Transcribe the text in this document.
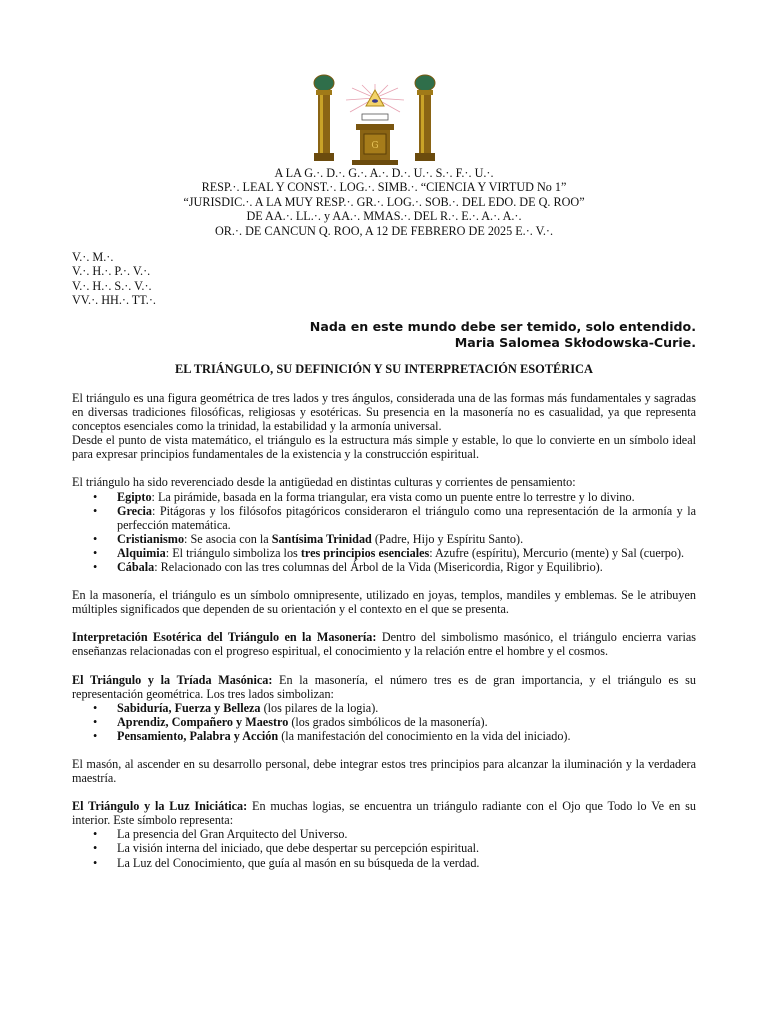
G
A LA G.·. D.·. G.·. A.·. D.·. U.·. S.·. F.·. U.·.
RESP.·. LEAL Y CONST.·. LOG.·. SIMB.·. “CIENCIA Y VIRTUD No 1”
“JURISDIC.·. A LA MUY RESP.·. GR.·. LOG.·. SOB.·. DEL EDO. DE Q. ROO”
DE AA.·. LL.·. y AA.·. MMAS.·. DEL R.·. E.·. A.·. A.·.
OR.·. DE CANCUN Q. ROO, A 12 DE FEBRERO DE 2025 E.·. V.·.
V.·. M.·.
V.·. H.·. P.·. V.·.
V.·. H.·. S.·. V.·.
VV.·. HH.·. TT.·.
Nada en este mundo debe ser temido, solo entendido.
Maria Salomea Skłodowska-Curie.
EL TRIÁNGULO, SU DEFINICIÓN Y SU INTERPRETACIÓN ESOTÉRICA

El triángulo es una figura geométrica de tres lados y tres ángulos, considerada una de las formas más fundamentales y sagradas en diversas tradiciones filosóficas, religiosas y esotéricas. Su presencia en la masonería no es casualidad, ya que representa conceptos esenciales como la trinidad, la estabilidad y la armonía universal.

Desde el punto de vista matemático, el triángulo es la estructura más simple y estable, lo que lo convierte en un símbolo ideal para expresar principios fundamentales de la existencia y la construcción espiritual.

El triángulo ha sido reverenciado desde la antigüedad en distintas culturas y corrientes de pensamiento:

• Egipto: La pirámide, basada en la forma triangular, era vista como un puente entre lo terrestre y lo divino.
• Grecia: Pitágoras y los filósofos pitagóricos consideraron el triángulo como una representación de la armonía y la perfección matemática.
• Cristianismo: Se asocia con la Santísima Trinidad (Padre, Hijo y Espíritu Santo).
• Alquimia: El triángulo simboliza los tres principios esenciales: Azufre (espíritu), Mercurio (mente) y Sal (cuerpo).
• Cábala: Relacionado con las tres columnas del Árbol de la Vida (Misericordia, Rigor y Equilibrio).

En la masonería, el triángulo es un símbolo omnipresente, utilizado en joyas, templos, mandiles y emblemas. Se le atribuyen múltiples significados que dependen de su orientación y el contexto en el que se presenta.

Interpretación Esotérica del Triángulo en la Masonería: Dentro del simbolismo masónico, el triángulo encierra varias enseñanzas relacionadas con el progreso espiritual, el conocimiento y la relación entre el hombre y el cosmos.

El Triángulo y la Tríada Masónica: En la masonería, el número tres es de gran importancia, y el triángulo es su representación geométrica. Los tres lados simbolizan:

• Sabiduría, Fuerza y Belleza (los pilares de la logia).
• Aprendiz, Compañero y Maestro (los grados simbólicos de la masonería).
• Pensamiento, Palabra y Acción (la manifestación del conocimiento en la vida del iniciado).

El masón, al ascender en su desarrollo personal, debe integrar estos tres principios para alcanzar la iluminación y la verdadera maestría.

El Triángulo y la Luz Iniciática: En muchas logias, se encuentra un triángulo radiante con el Ojo que Todo lo Ve en su interior. Este símbolo representa:

• La presencia del Gran Arquitecto del Universo.
• La visión interna del iniciado, que debe despertar su percepción espiritual.
• La Luz del Conocimiento, que guía al masón en su búsqueda de la verdad.
